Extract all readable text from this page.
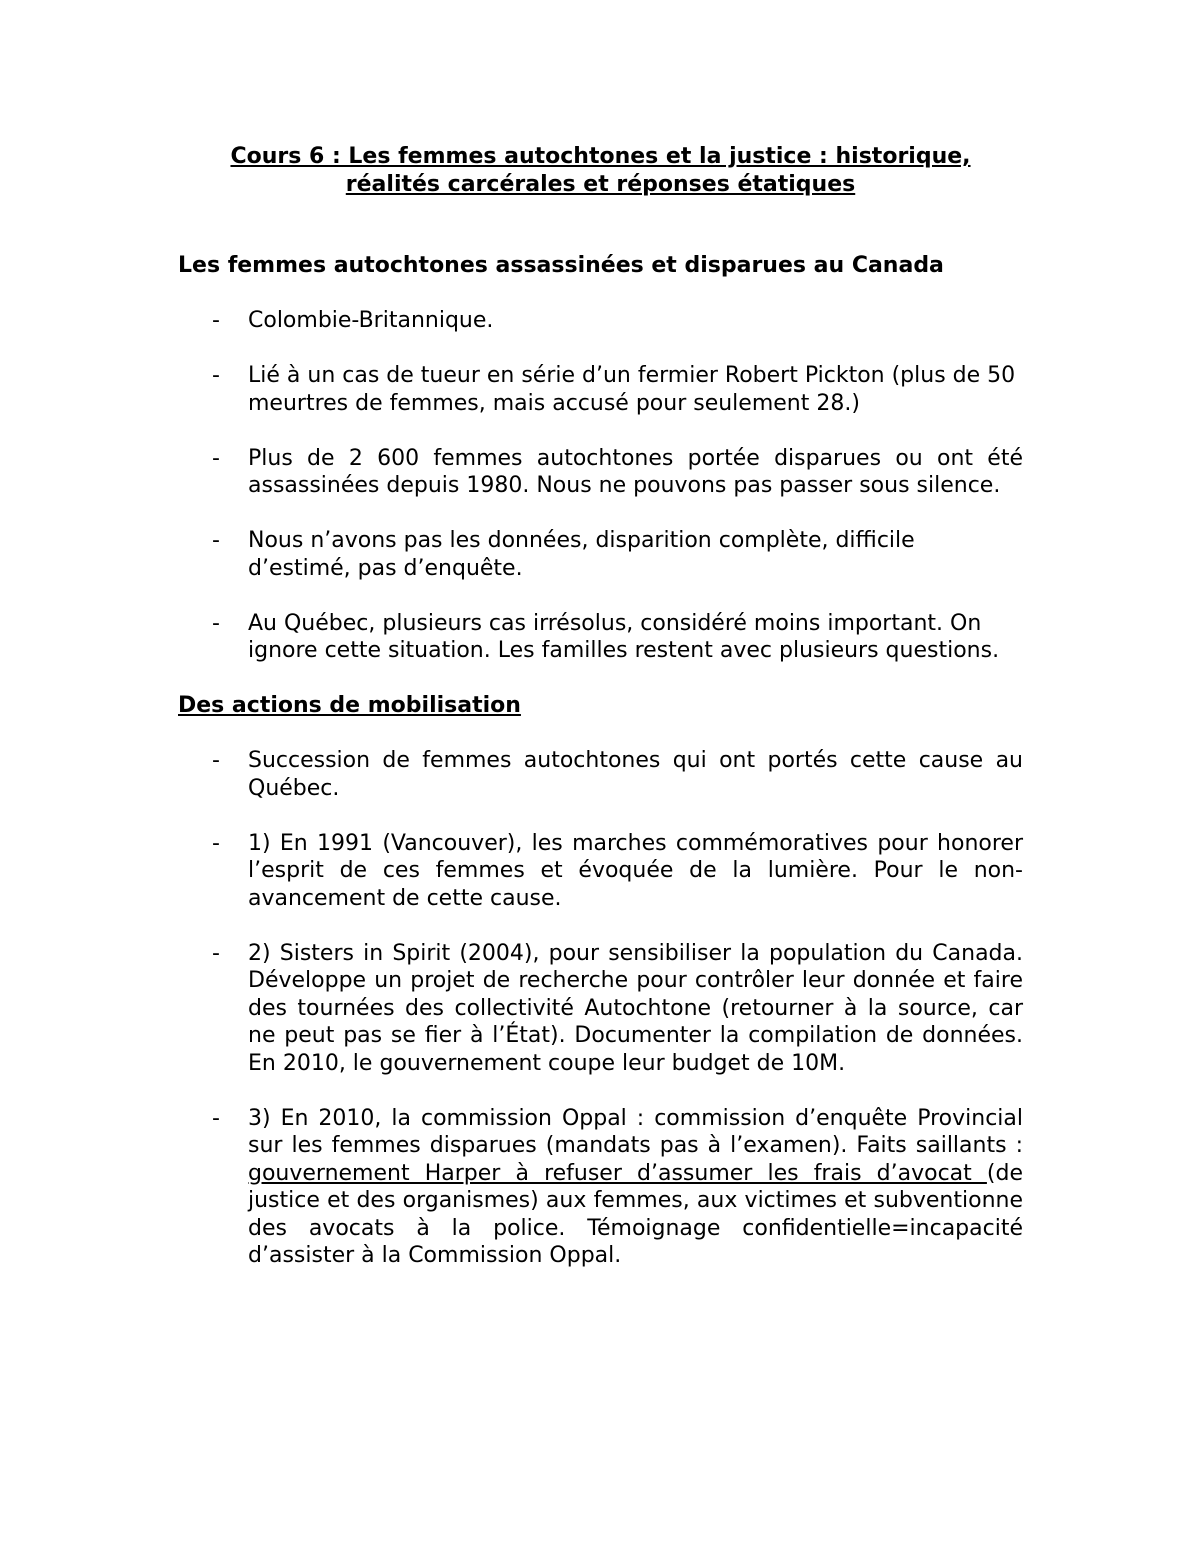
Cours 6 : Les femmes autochtones et la justice : historique,
réalités carcérales et réponses étatiques
Les femmes autochtones assassinées et disparues au Canada
- Colombie-Britannique.
- Lié à un cas de tueur en série d’un fermier Robert Pickton (plus de 50 meurtres de femmes, mais accusé pour seulement 28.)
- Plus de 2 600 femmes autochtones portée disparues ou ont été assassinées depuis 1980. Nous ne pouvons pas passer sous silence.
- Nous n’avons pas les données, disparition complète, difficile d’estimé, pas d’enquête.
- Au Québec, plusieurs cas irrésolus, considéré moins important. On ignore cette situation. Les familles restent avec plusieurs questions.
Des actions de mobilisation
- Succession de femmes autochtones qui ont portés cette cause au Québec.
- 1) En 1991 (Vancouver), les marches commémoratives pour honorer l’esprit de ces femmes et évoquée de la lumière. Pour le non-avancement de cette cause.
- 2) Sisters in Spirit (2004), pour sensibiliser la population du Canada. Développe un projet de recherche pour contrôler leur donnée et faire des tournées des collectivité Autochtone (retourner à la source, car ne peut pas se fier à l’État). Documenter la compilation de données. En 2010, le gouvernement coupe leur budget de 10M.
- 3) En 2010, la commission Oppal : commission d’enquête Provincial sur les femmes disparues (mandats pas à l’examen). Faits saillants : gouvernement Harper à refuser d’assumer les frais d’avocat (de justice et des organismes) aux femmes, aux victimes et subventionne des avocats à la police. Témoignage confidentielle=incapacité d’assister à la Commission Oppal.
